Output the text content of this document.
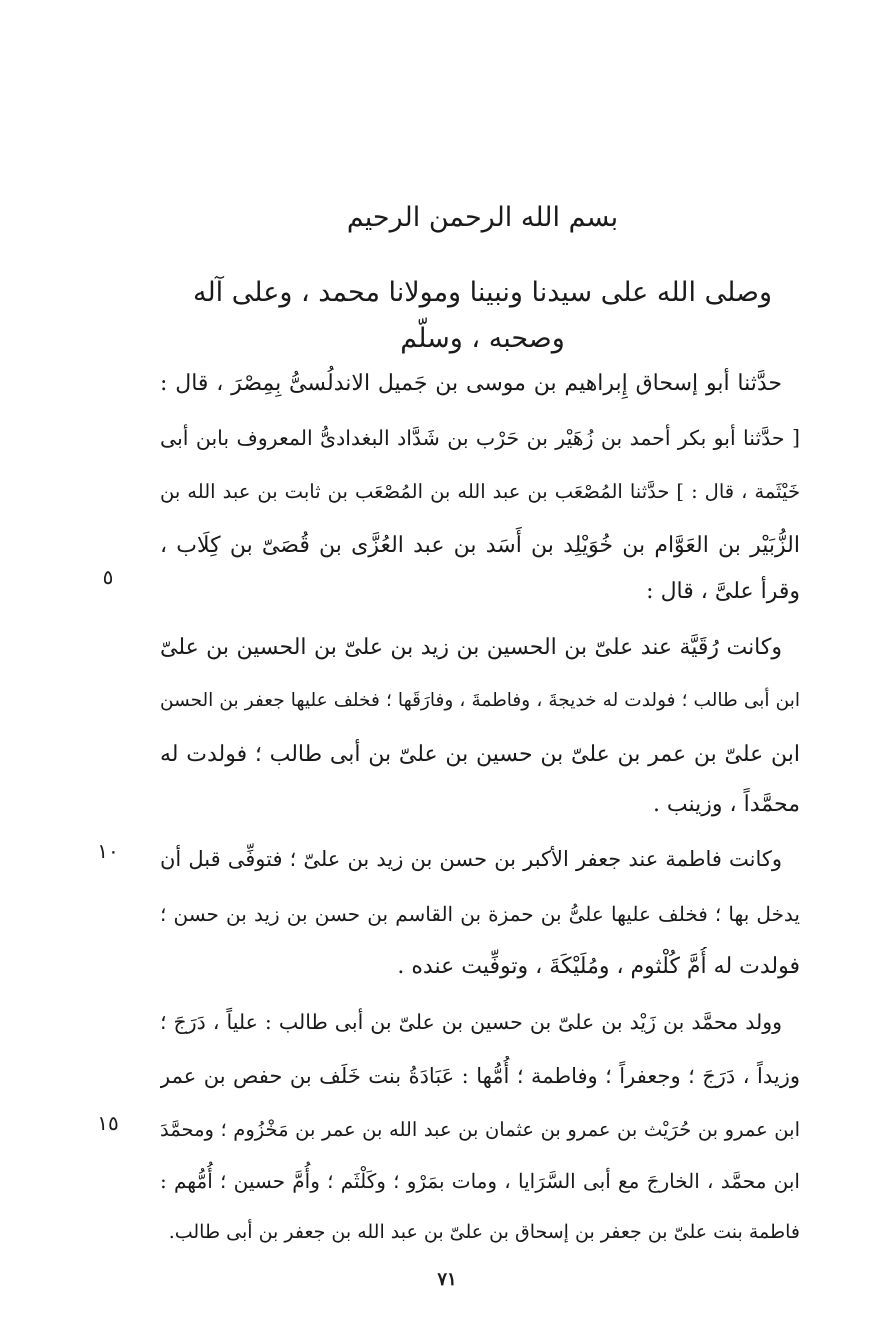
بسم الله الرحمن الرحيم
وصلى الله على سيدنا ونبينا ومولانا محمد ، وعلى آله وصحبه ، وسلّم
حدَّثنا أبو إسحاق إِبراهيم بن موسى بن جَميل الاندلُسىُّ بِمِصْرَ ، قال :
[ حدَّثنا أبو بكر أحمد بن زُهَيْر بن حَرْب بن شَدَّاد البغدادىُّ المعروف بابن أبى
خَيْثَمة ، قال : ] حدَّثنا المُصْعَب بن عبد الله بن المُصْعَب بن ثابت بن عبد الله بن
الزُّبَيْر بن العَوَّام بن خُوَيْلِد بن أَسَد بن عبد العُزَّى بن قُصَىّ بن كِلَاب ،
وقرأ علىَّ ، قال :
وكانت رُقَيَّة عند علىّ بن الحسين بن زيد بن علىّ بن الحسين بن علىّ
ابن أبى طالب ؛ فولدت له خديجةَ ، وفاطمةَ ، وفارَقَها ؛ فخلف عليها جعفر بن الحسن
ابن علىّ بن عمر بن علىّ بن حسين بن علىّ بن أبى طالب ؛ فولدت له
محمَّداً ، وزينب .
وكانت فاطمة عند جعفر الأكبر بن حسن بن زيد بن علىّ ؛ فتوفِّى قبل أن
يدخل بها ؛ فخلف عليها علىُّ بن حمزة بن القاسم بن حسن بن زيد بن حسن ؛
فولدت له أُمَّ كُلْثوم ، ومُلَيْكَةَ ، وتوفِّيت عنده .
وولد محمَّد بن زَيْد بن علىّ بن حسين بن علىّ بن أبى طالب : علياً ، دَرَجَ ؛
وزيداً ، دَرَجَ ؛ وجعفراً ؛ وفاطمة ؛ أُمُّها : عَبَادَةُ بنت خَلَف بن حفص بن عمر
ابن عمرو بن حُرَيْث بن عمرو بن عثمان بن عبد الله بن عمر بن مَخْزُوم ؛ ومحمَّدَ
ابن محمَّد ، الخارجَ مع أبى السَّرَايا ، ومات بمَرْو ؛ وكَلْثَم ؛ وأُمَّ حسين ؛ أُمُّهم :
فاطمة بنت علىّ بن جعفر بن إسحاق بن علىّ بن عبد الله بن جعفر بن أبى طالب.
٥
١٠
١٥
٧١
